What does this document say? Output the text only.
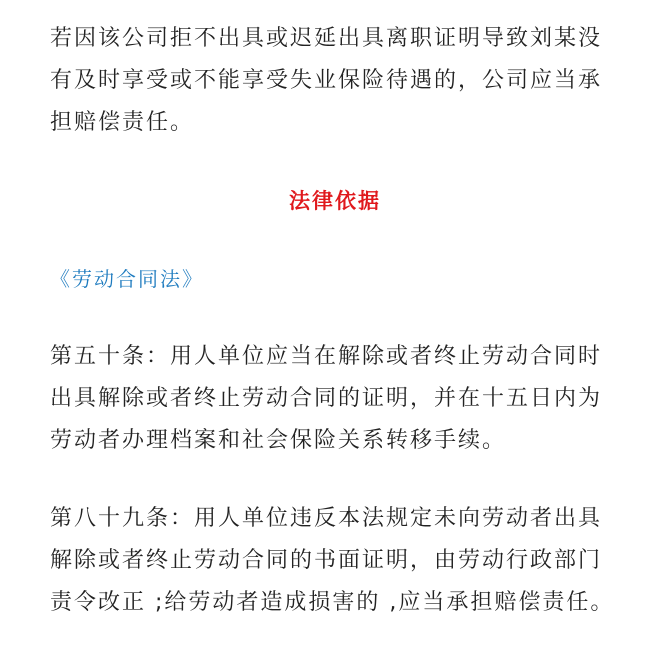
若因该公司拒不出具或迟延出具离职证明导致刘某没有及时享受或不能享受失业保险待遇的，公司应当承担赔偿责任。

法律依据

《劳动合同法》

第五十条：用人单位应当在解除或者终止劳动合同时出具解除或者终止劳动合同的证明，并在十五日内为劳动者办理档案和社会保险关系转移手续。

第八十九条：用人单位违反本法规定未向劳动者出具解除或者终止劳动合同的书面证明，由劳动行政部门责令改正 ;给劳动者造成损害的 ,应当承担赔偿责任。
